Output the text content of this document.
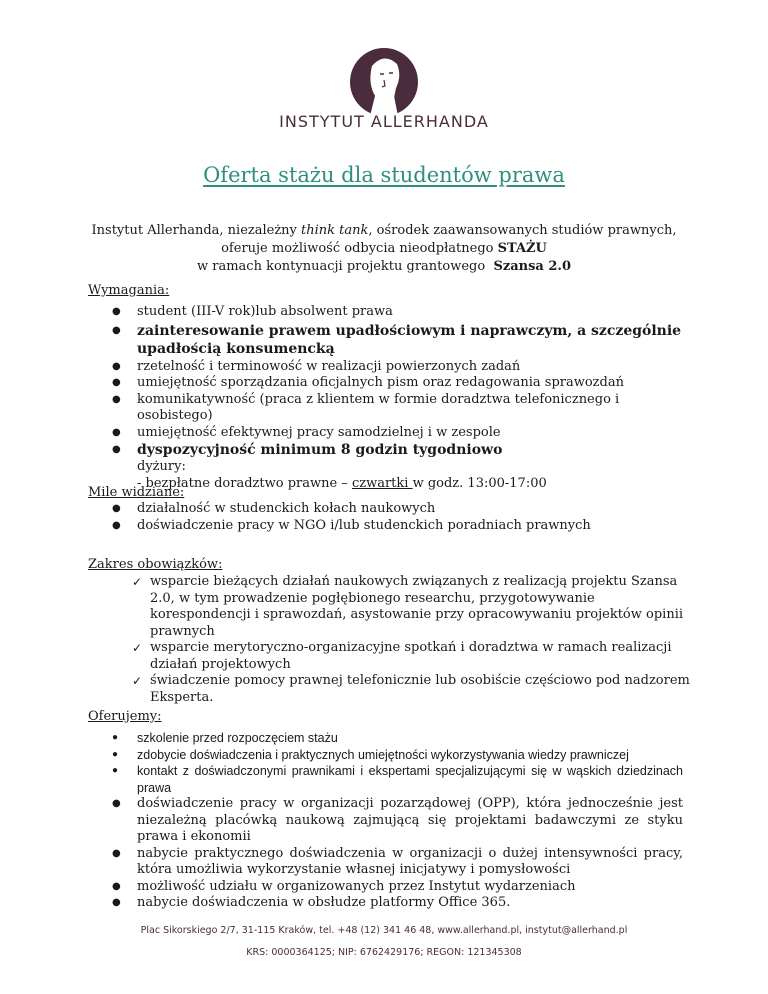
INSTYTUT ALLERHANDA
Oferta stażu dla studentów prawa
Instytut Allerhanda, niezależny think tank, ośrodek zaawansowanych studiów prawnych,
oferuje możliwość odbycia nieodpłatnego STAŻU
w ramach kontynuacji projektu grantowego  Szansa 2.0
Wymagania:
● student (III-V rok)lub absolwent prawa
● zainteresowanie prawem upadłościowym i naprawczym, a szczególnie upadłością konsumencką
● rzetelność i terminowość w realizacji powierzonych zadań
● umiejętność sporządzania oficjalnych pism oraz redagowania sprawozdań
● komunikatywność (praca z klientem w formie doradztwa telefonicznego i osobistego)
● umiejętność efektywnej pracy samodzielnej i w zespole
● dyspozycyjność minimum 8 godzin tygodniowo
dyżury:
- bezpłatne doradztwo prawne – czwartki w godz. 13:00-17:00
Mile widziane:
● działalność w studenckich kołach naukowych
● doświadczenie pracy w NGO i/lub studenckich poradniach prawnych
Zakres obowiązków:
✓ wsparcie bieżących działań naukowych związanych z realizacją projektu Szansa 2.0, w tym prowadzenie pogłębionego researchu, przygotowywanie korespondencji i sprawozdań, asystowanie przy opracowywaniu projektów opinii prawnych
✓ wsparcie merytoryczno-organizacyjne spotkań i doradztwa w ramach realizacji działań projektowych
✓ świadczenie pomocy prawnej telefonicznie lub osobiście częściowo pod nadzorem Eksperta.
Oferujemy:
● szkolenie przed rozpoczęciem stażu
● zdobycie doświadczenia i praktycznych umiejętności wykorzystywania wiedzy prawniczej
● kontakt z doświadczonymi prawnikami i ekspertami specjalizującymi się w wąskich dziedzinach prawa
● doświadczenie pracy w organizacji pozarządowej (OPP), która jednocześnie jest niezależną placówką naukową zajmującą się projektami badawczymi ze styku prawa i ekonomii
● nabycie praktycznego doświadczenia w organizacji o dużej intensywności pracy, która umożliwia wykorzystanie własnej inicjatywy i pomysłowości
● możliwość udziału w organizowanych przez Instytut wydarzeniach
● nabycie doświadczenia w obsłudze platformy Office 365.
Plac Sikorskiego 2/7, 31-115 Kraków, tel. +48 (12) 341 46 48, www.allerhand.pl, instytut@allerhand.pl
KRS: 0000364125; NIP: 6762429176; REGON: 121345308
